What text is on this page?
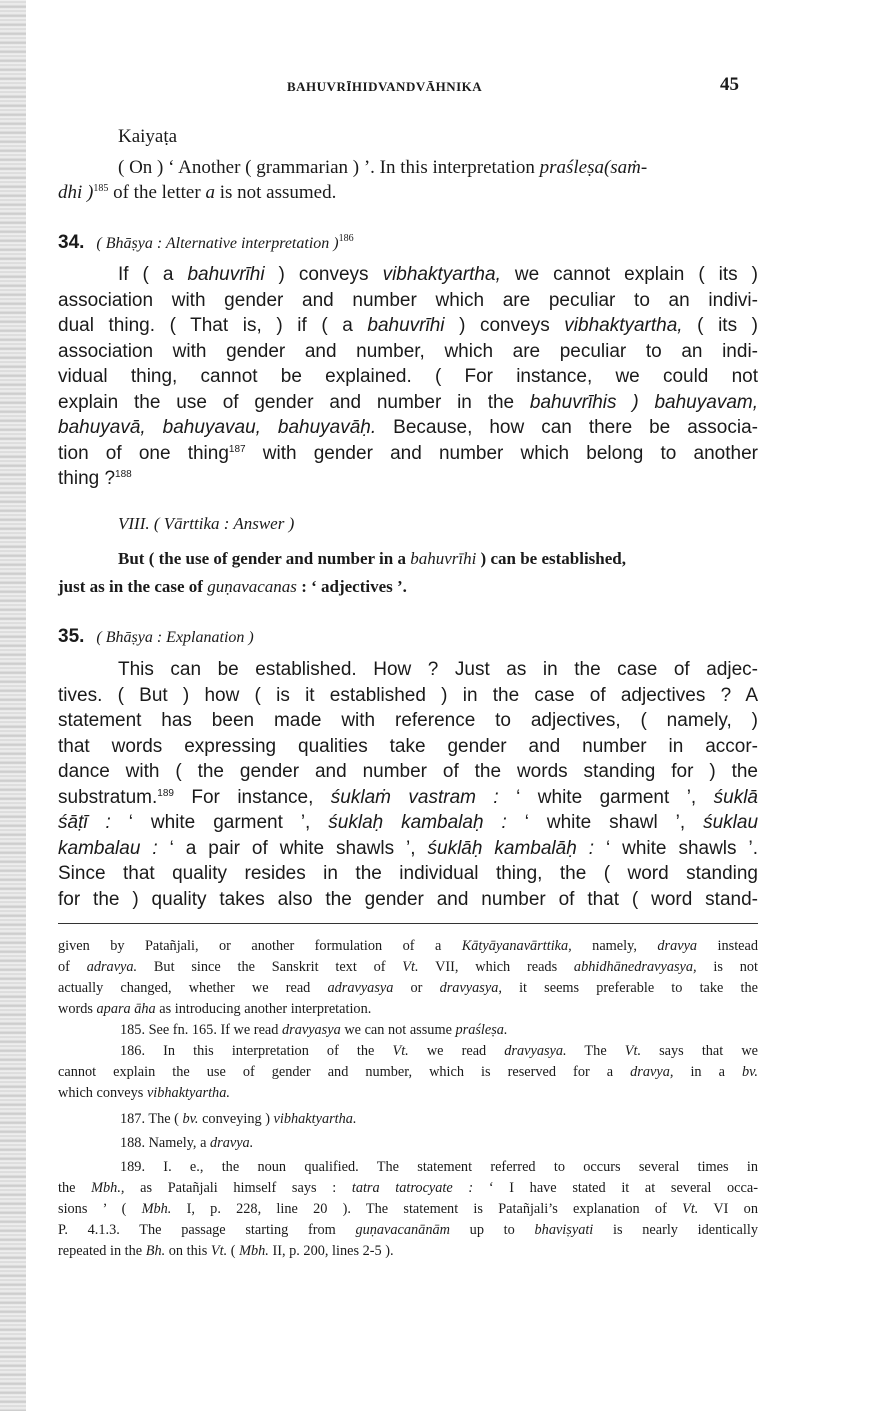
BAHUVRĪHIDVANDVĀHNIKA	45
Kaiyaṭa
( On ) ‘ Another ( grammarian ) ’. In this interpretation praśleṣa(saṁ-
dhi )$^{185}$ of the letter a is not assumed.
34. ( Bhāṣya : Alternative interpretation )$^{186}$
If ( a bahuvrīhi ) conveys vibhaktyartha, we cannot explain ( its )
association with gender and number which are peculiar to an indivi-
dual thing. ( That is, ) if ( a bahuvrīhi ) conveys vibhaktyartha, ( its )
association with gender and number, which are peculiar to an indi-
vidual thing, cannot be explained. ( For instance, we could not
explain the use of gender and number in the bahuvrīhis ) bahuyavam,
bahuyavā, bahuyavau, bahuyavāḥ. Because, how can there be associa-
tion of one thing$^{187}$ with gender and number which belong to another
thing ?$^{188}$
VIII. ( Vārttika : Answer )
But ( the use of gender and number in a bahuvrīhi ) can be established,
just as in the case of guṇavacanas : ‘ adjectives ’.
35. ( Bhāṣya : Explanation )
This can be established. How ? Just as in the case of adjec-
tives. ( But ) how ( is it established ) in the case of adjectives ? A
statement has been made with reference to adjectives, ( namely, )
that words expressing qualities take gender and number in accor-
dance with ( the gender and number of the words standing for ) the
substratum.$^{189}$ For instance, śuklaṁ vastram : ‘ white garment ’, śuklā
śāṭī : ‘ white garment ’, śuklaḥ kambalaḥ : ‘ white shawl ’, śuklau
kambalau : ‘ a pair of white shawls ’, śuklāḥ kambalāḥ : ‘ white shawls ’.
Since that quality resides in the individual thing, the ( word standing
for the ) quality takes also the gender and number of that ( word stand-
given by Patañjali, or another formulation of a Kātyāyanavārttika, namely, dravya instead
of adravya. But since the Sanskrit text of Vt. VII, which reads abhidhānedravyasya, is not
actually changed, whether we read adravyasya or dravyasya, it seems preferable to take the
words apara āha as introducing another interpretation.
185. See fn. 165. If we read dravyasya we can not assume praśleṣa.
186. In this interpretation of the Vt. we read dravyasya. The Vt. says that we
cannot explain the use of gender and number, which is reserved for a dravya, in a bv.
which conveys vibhaktyartha.
187. The ( bv. conveying ) vibhaktyartha.
188. Namely, a dravya.
189. I. e., the noun qualified. The statement referred to occurs several times in
the Mbh., as Patañjali himself says : tatra tatrocyate : ‘ I have stated it at several occa-
sions ’ ( Mbh. I, p. 228, line 20 ). The statement is Patañjali’s explanation of Vt. VI on
P. 4.1.3. The passage starting from guṇavacanānām up to bhaviṣyati is nearly identically
repeated in the Bh. on this Vt. ( Mbh. II, p. 200, lines 2-5 ).
